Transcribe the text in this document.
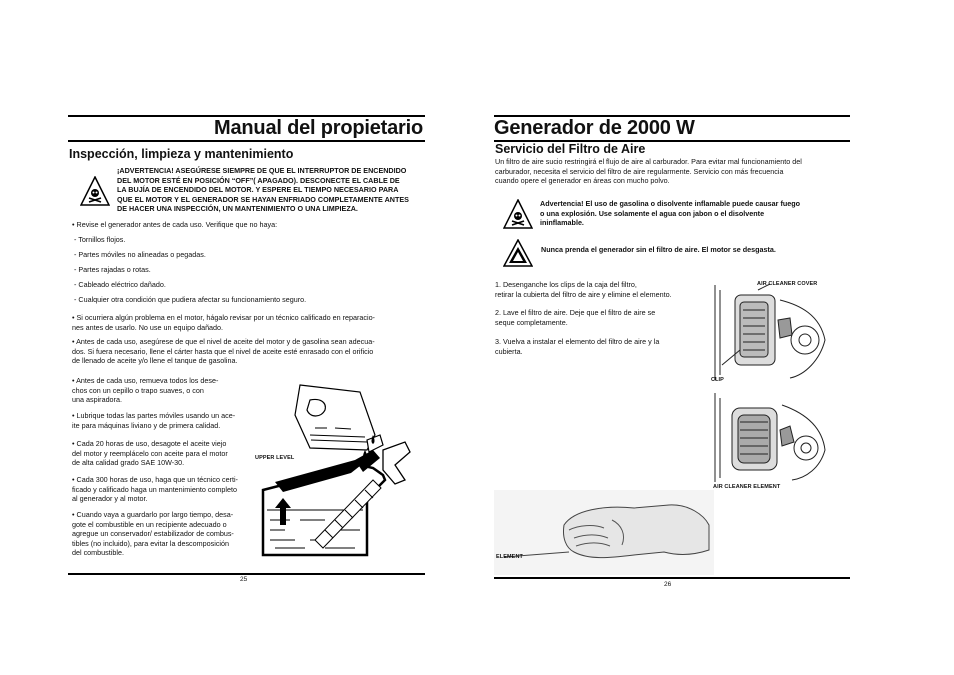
Manual del propietario
Inspección, limpieza y mantenimiento
¡ADVERTENCIA! ASEGÚRESE SIEMPRE DE QUE EL INTERRUPTOR DE ENCENDIDO
DEL MOTOR ESTÉ EN POSICIÓN “OFF”( APAGADO). DESCONECTE EL CABLE DE
LA BUJÍA DE ENCENDIDO DEL MOTOR. Y ESPERE EL TIEMPO NECESARIO PARA
QUE EL MOTOR Y EL GENERADOR SE HAYAN ENFRIADO COMPLETAMENTE ANTES
DE HACER UNA INSPECCIÓN, UN MANTENIMIENTO O UNA LIMPIEZA.
• Revise el generador antes de cada uso. Verifique que no haya:
- Tornillos flojos.
- Partes móviles no alineadas o pegadas.
- Partes rajadas o rotas.
- Cableado eléctrico dañado.
- Cualquier otra condición que pudiera afectar su funcionamiento seguro.
• Si ocurriera algún problema en el motor, hágalo revisar por un técnico calificado en reparacio-
nes antes de usarlo. No use un equipo dañado.
• Antes de cada uso, asegúrese de que el nivel de aceite del motor y de gasolina sean adecua-
dos. Si fuera necesario, llene el cárter hasta que el nivel de aceite esté enrasado con el orificio
de llenado de aceite y/o llene el tanque de gasolina.
• Antes de cada uso, remueva todos los dese-
chos con un cepillo o trapo suaves, o con
una aspiradora.
• Lubrique todas las partes móviles usando un ace-
ite para máquinas liviano y de primera calidad.
• Cada 20 horas de uso, desagote el aceite viejo
del motor y reemplácelo con aceite para el motor
de alta calidad grado SAE 10W-30.
• Cada 300 horas de uso, haga que un técnico certi-
ficado y calificado haga un mantenimiento completo
al generador y al motor.
• Cuando vaya a guardarlo por largo tiempo, desa-
gote el combustible en un recipiente adecuado o
agregue un conservador/ estabilizador de combus-
tibles (no incluido), para evitar la descomposición
del combustible.
UPPER LEVEL
25
Generador de 2000 W
Servicio del Filtro de Aire
Un filtro de aire sucio restringirá el flujo de aire al carburador. Para evitar mal funcionamiento del
carburador, necesita el servicio del filtro de aire regularmente. Servicio con más frecuencia
cuando opere el generador en áreas con mucho polvo.
Advertencia! El uso de gasolina o disolvente inflamable puede causar fuego
o una explosión. Use solamente el agua con jabon o el disolvente
ininflamable.
Nunca prenda el generador sin el filtro de aire. El motor se desgasta.
1. Desenganche los clips de la caja del filtro,
retirar la cubierta del filtro de aire y elimine el elemento.
2. Lave el filtro de aire. Deje que el filtro de aire se
seque completamente.
3. Vuelva a instalar el elemento del filtro de aire y la
cubierta.
AIR CLEANER COVER
CLIP
AIR CLEANER ELEMENT
ELEMENT
26
